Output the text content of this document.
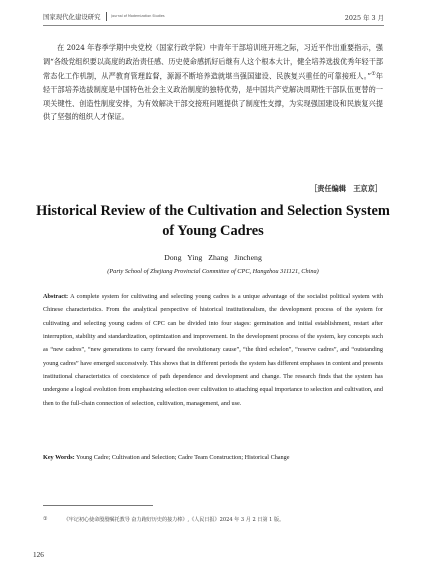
国家现代化建设研究	Journal of Modernization Studies	2025 年 3 月
在 2024 年春季学期中央党校（国家行政学院）中青年干部培训班开班之际，习近平作出重要指示，强调“各级党组织要以高度的政治责任感、历史使命感抓好后继有人这个根本大计，健全培养选拔优秀年轻干部常态化工作机制，从严教育管理监督，源源不断培养造就堪当强国建设、民族复兴重任的可靠接班人。”①年轻干部培养选拔制度是中国特色社会主义政治制度的独特优势，是中国共产党解决周期性干部队伍更替的一项关键性、创造性制度安排，为有效解决干部交接班问题提供了制度性支撑，为实现强国建设和民族复兴提供了坚强的组织人才保证。
［责任编辑　王京京］
Historical Review of the Cultivation and Selection System of Young Cadres
Dong Ying Zhang Jincheng
(Party School of Zhejiang Provincial Committee of CPC, Hangzhou 311121, China)
Abstract: A complete system for cultivating and selecting young cadres is a unique advantage of the socialist political system with Chinese characteristics. From the analytical perspective of historical institutionalism, the development process of the system for cultivating and selecting young cadres of CPC can be divided into four stages: germination and initial establishment, restart after interruption, stability and standardization, optimization and improvement. In the development process of the system, key concepts such as “new cadres”, “new generations to carry forward the revolutionary cause”, “the third echelon”, “reserve cadres”, and “outstanding young cadres” have emerged successively. This shows that in different periods the system has different emphases in content and presents institutional characteristics of coexistence of path dependence and development and change. The research finds that the system has undergone a logical evolution from emphasizing selection over cultivation to attaching equal importance to selection and cultivation, and then to the full-chain connection of selection, cultivation, management, and use.
Key Words: Young Cadre; Cultivation and Selection; Cadre Team Construction; Historical Change
①	《牢记初心使命殷殷嘱托教导 奋力跑好历史的接力棒》,《人民日报》2024 年 3 月 2 日第 1 版。
126
